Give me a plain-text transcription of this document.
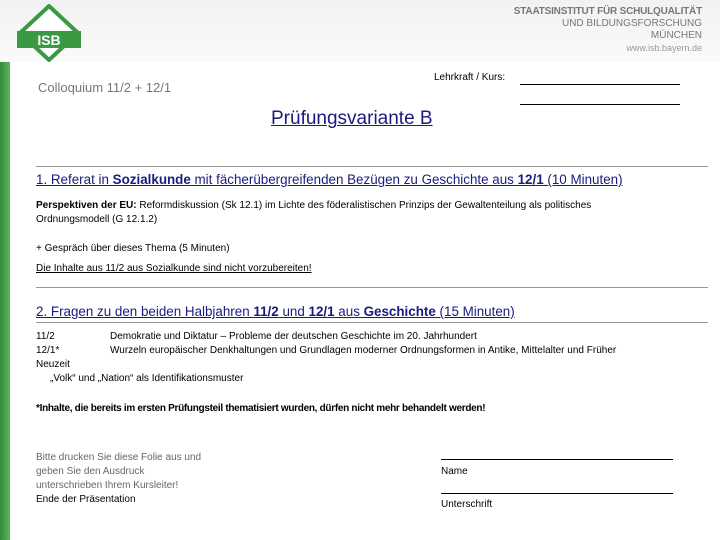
ISB
STAATSINSTITUT FÜR SCHULQUALITÄT
UND BILDUNGSFORSCHUNG
MÜNCHEN
www.isb.bayern.de
Colloquium 11/2 + 12/1
Lehrkraft / Kurs:
Prüfungsvariante B
1. Referat in Sozialkunde mit fächerübergreifenden Bezügen zu Geschichte aus 12/1 (10 Minuten)
Perspektiven der EU: Reformdiskussion (Sk 12.1) im Lichte des föderalistischen Prinzips der Gewaltenteilung als politisches
Ordnungsmodell (G 12.1.2)
+ Gespräch über dieses Thema (5 Minuten)
Die Inhalte aus 11/2 aus Sozialkunde sind nicht vorzubereiten!
2. Fragen zu den beiden Halbjahren 11/2 und 12/1 aus Geschichte (15 Minuten)
11/2	Demokratie und Diktatur – Probleme der deutschen Geschichte im 20. Jahrhundert
12/1*	Wurzeln europäischer Denkhaltungen und Grundlagen moderner Ordnungsformen in Antike, Mittelalter und Früher
Neuzeit
„Volk“ und „Nation“ als Identifikationsmuster
*Inhalte, die bereits im ersten Prüfungsteil thematisiert wurden, dürfen nicht mehr behandelt werden!
Bitte drucken Sie diese Folie aus und
geben Sie den Ausdruck
unterschrieben Ihrem Kursleiter!
Ende der Präsentation
Name
Unterschrift
